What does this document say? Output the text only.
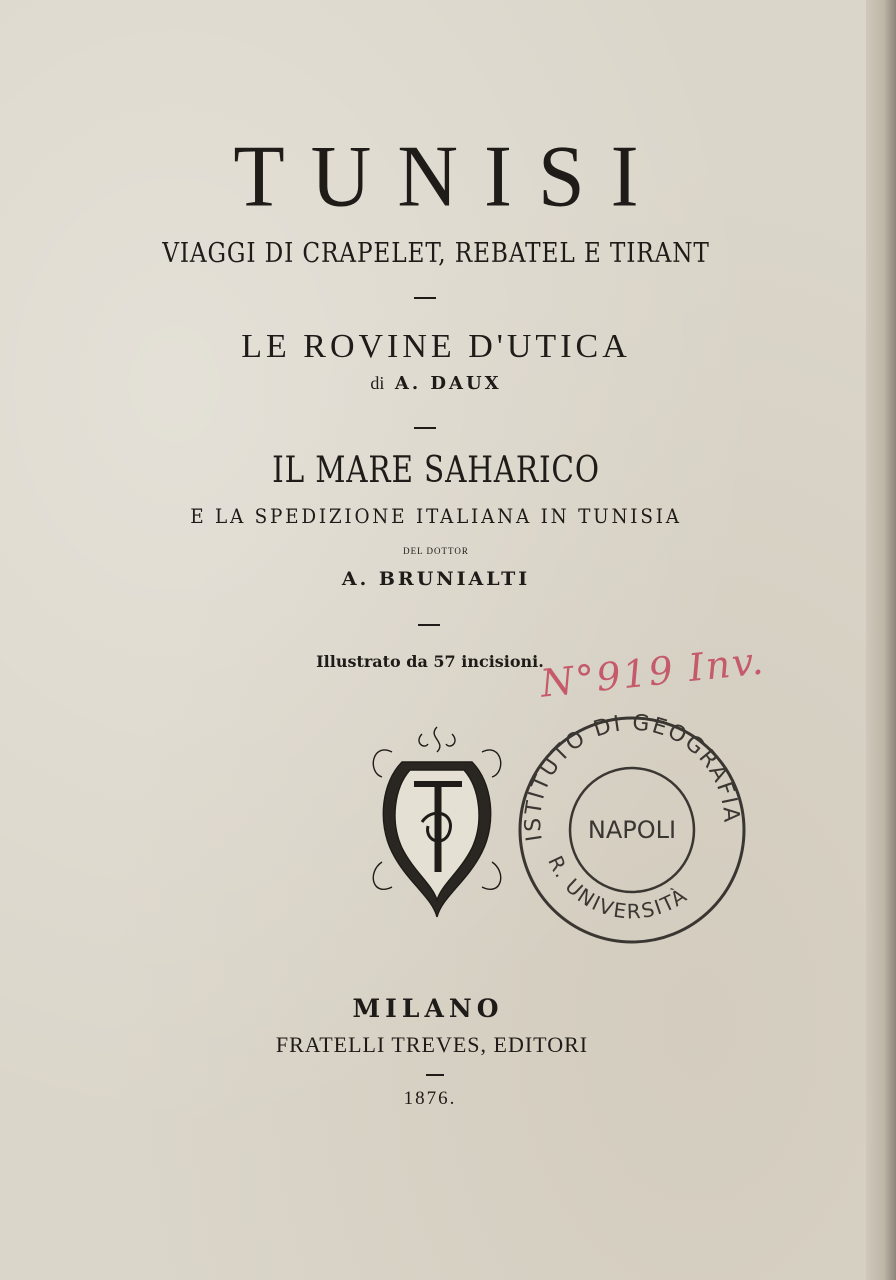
TUNISI
VIAGGI DI CRAPELET, REBATEL E TIRANT
LE ROVINE D'UTICA
di A. DAUX
IL MARE SAHARICO
E LA SPEDIZIONE ITALIANA IN TUNISIA
DEL DOTTOR
A. BRUNIALTI
Illustrato da 57 incisioni.
N°919 Inv.
ISTITUTO DI GEOGRAFIA
R. UNIVERSITÀ
NAPOLI
MILANO
FRATELLI TREVES, EDITORI
1876.
